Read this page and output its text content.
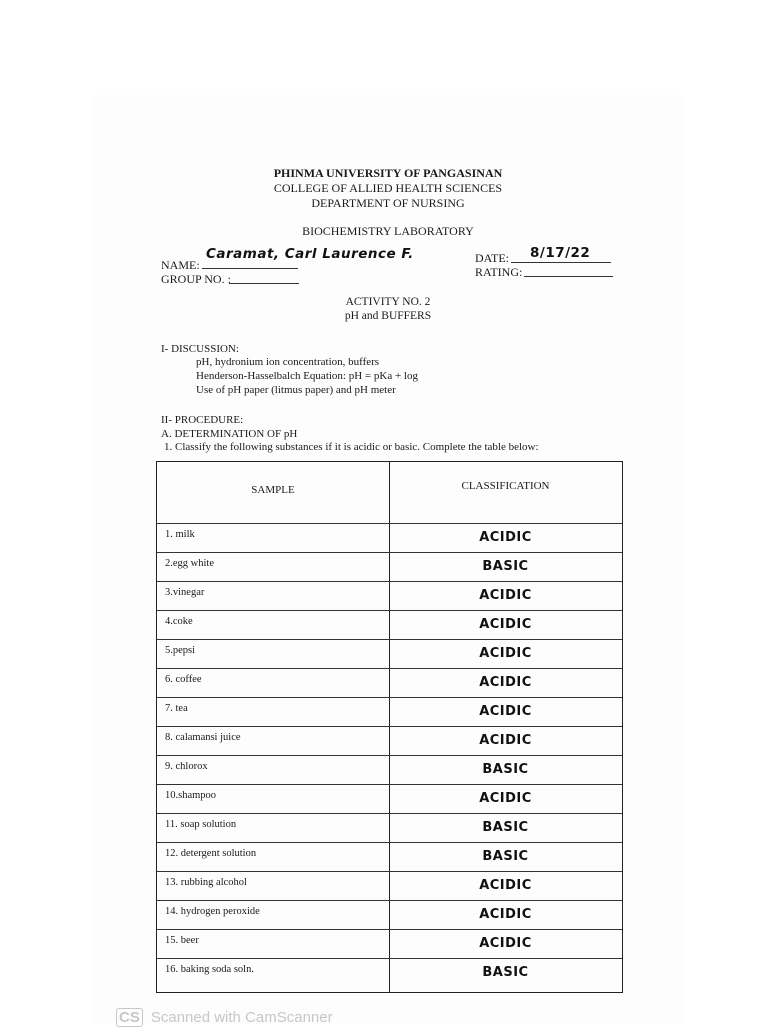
PHINMA UNIVERSITY OF PANGASINAN
COLLEGE OF ALLIED HEALTH SCIENCES
DEPARTMENT OF NURSING
BIOCHEMISTRY LABORATORY
NAME:
Caramat, Carl Laurence F.
GROUP NO. :
DATE: 8/17/22
RATING:
ACTIVITY NO. 2
pH and BUFFERS
I- DISCUSSION:
pH, hydronium ion concentration, buffers
Henderson-Hasselbalch Equation: pH = pKa + log
Use of pH paper (litmus paper) and pH meter
II- PROCEDURE:
A. DETERMINATION OF pH
1. Classify the following substances if it is acidic or basic. Complete the table below:
SAMPLE	CLASSIFICATION
1. milk	ACIDIC
2.egg white	BASIC
3.vinegar	ACIDIC
4.coke	ACIDIC
5.pepsi	ACIDIC
6. coffee	ACIDIC
7. tea	ACIDIC
8. calamansi juice	ACIDIC
9. chlorox	BASIC
10.shampoo	ACIDIC
11. soap solution	BASIC
12. detergent solution	BASIC
13. rubbing alcohol	ACIDIC
14. hydrogen peroxide	ACIDIC
15. beer	ACIDIC
16. baking soda soln.	BASIC
CS Scanned with CamScanner
